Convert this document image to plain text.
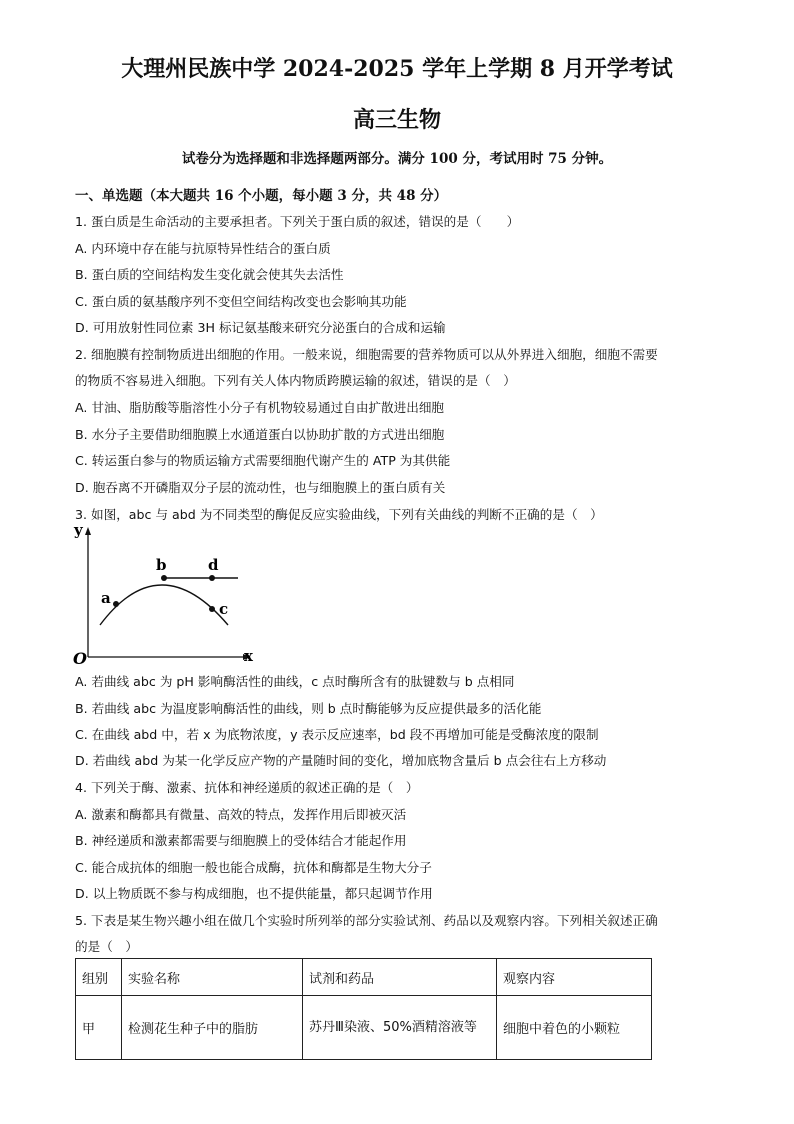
大理州民族中学 2024-2025 学年上学期 8 月开学考试
高三生物
试卷分为选择题和非选择题两部分。满分 100 分，考试用时 75 分钟。
一、单选题（本大题共 16 个小题，每小题 3 分，共 48 分）
1. 蛋白质是生命活动的主要承担者。下列关于蛋白质的叙述，错误的是（　　）
A. 内环境中存在能与抗原特异性结合的蛋白质
B. 蛋白质的空间结构发生变化就会使其失去活性
C. 蛋白质的氨基酸序列不变但空间结构改变也会影响其功能
D. 可用放射性同位素 3H 标记氨基酸来研究分泌蛋白的合成和运输
2. 细胞膜有控制物质进出细胞的作用。一般来说，细胞需要的营养物质可以从外界进入细胞，细胞不需要
的物质不容易进入细胞。下列有关人体内物质跨膜运输的叙述，错误的是（　）
A. 甘油、脂肪酸等脂溶性小分子有机物较易通过自由扩散进出细胞
B. 水分子主要借助细胞膜上水通道蛋白以协助扩散的方式进出细胞
C. 转运蛋白参与的物质运输方式需要细胞代谢产生的 ATP 为其供能
D. 胞吞离不开磷脂双分子层的流动性，也与细胞膜上的蛋白质有关
3. 如图，abc 与 abd 为不同类型的酶促反应实验曲线，下列有关曲线的判断不正确的是（　）
y
x
O
a
b
c
d
A. 若曲线 abc 为 pH 影响酶活性的曲线，c 点时酶所含有的肽键数与 b 点相同
B. 若曲线 abc 为温度影响酶活性的曲线，则 b 点时酶能够为反应提供最多的活化能
C. 在曲线 abd 中，若 x 为底物浓度，y 表示反应速率，bd 段不再增加可能是受酶浓度的限制
D. 若曲线 abd 为某一化学反应产物的产量随时间的变化，增加底物含量后 b 点会往右上方移动
4. 下列关于酶、激素、抗体和神经递质的叙述正确的是（　）
A. 激素和酶都具有微量、高效的特点，发挥作用后即被灭活
B. 神经递质和激素都需要与细胞膜上的受体结合才能起作用
C. 能合成抗体的细胞一般也能合成酶，抗体和酶都是生物大分子
D. 以上物质既不参与构成细胞，也不提供能量，都只起调节作用
5. 下表是某生物兴趣小组在做几个实验时所列举的部分实验试剂、药品以及观察内容。下列相关叙述正确
的是（　）
组别	实验名称	试剂和药品	观察内容
甲	检测花生种子中的脂肪	苏丹Ⅲ染液、50%酒精溶液等	细胞中着色的小颗粒
